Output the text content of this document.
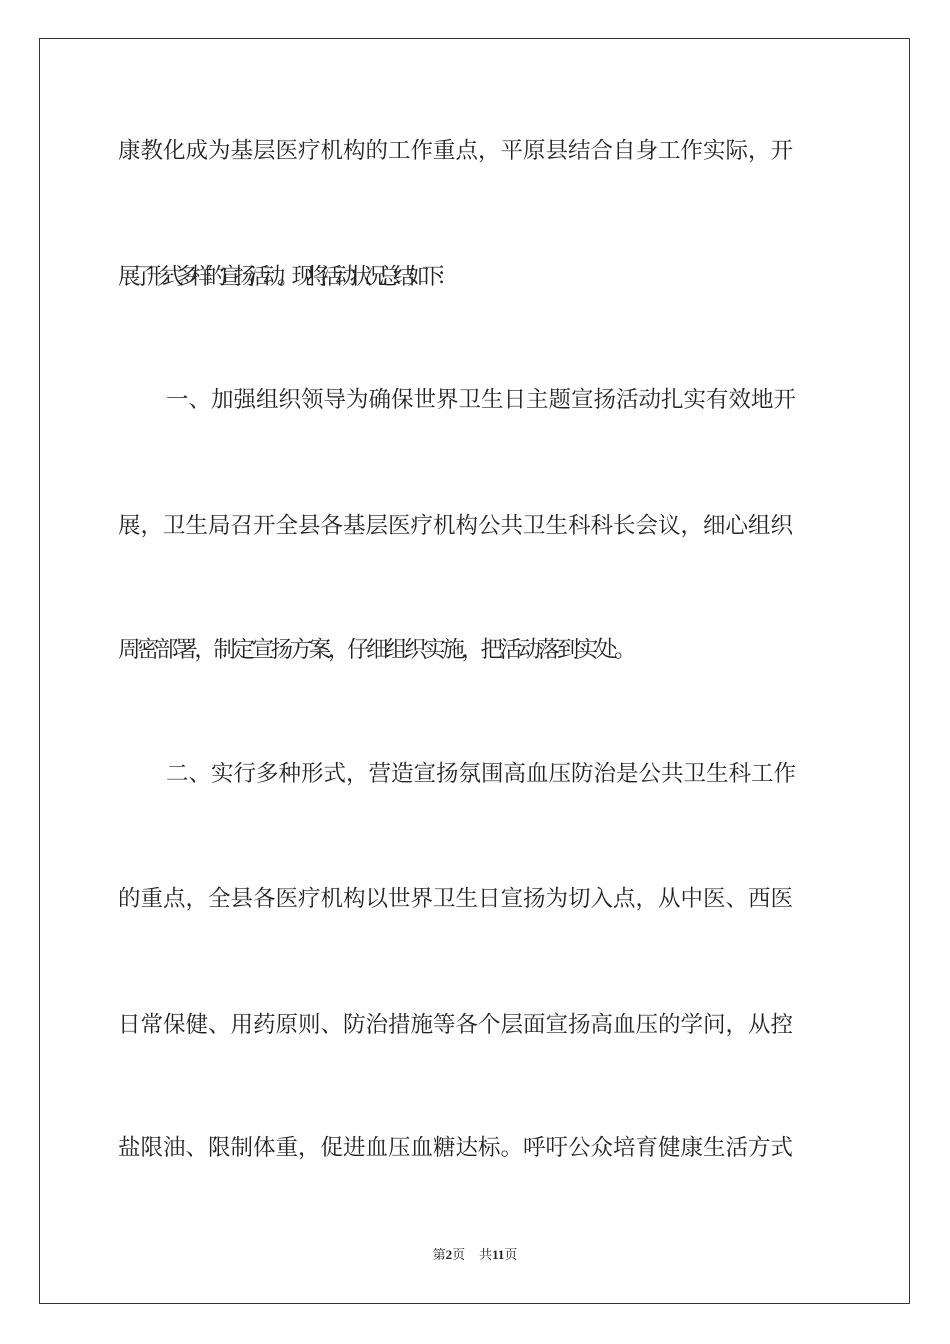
康教化成为基层医疗机构的工作重点，平原县结合自身工作实际，开
展了形式多样的宣扬活动。现将活动状况总结如下：
一、加强组织领导为确保世界卫生日主题宣扬活动扎实有效地开
展，卫生局召开全县各基层医疗机构公共卫生科科长会议，细心组织
周密部署，制定宣扬方案，仔细组织实施，把活动落到实处。
二、实行多种形式，营造宣扬氛围高血压防治是公共卫生科工作
的重点，全县各医疗机构以世界卫生日宣扬为切入点，从中医、西医
日常保健、用药原则、防治措施等各个层面宣扬高血压的学问，从控
盐限油、限制体重，促进血压血糖达标。呼吁公众培育健康生活方式
第2页 共11页
